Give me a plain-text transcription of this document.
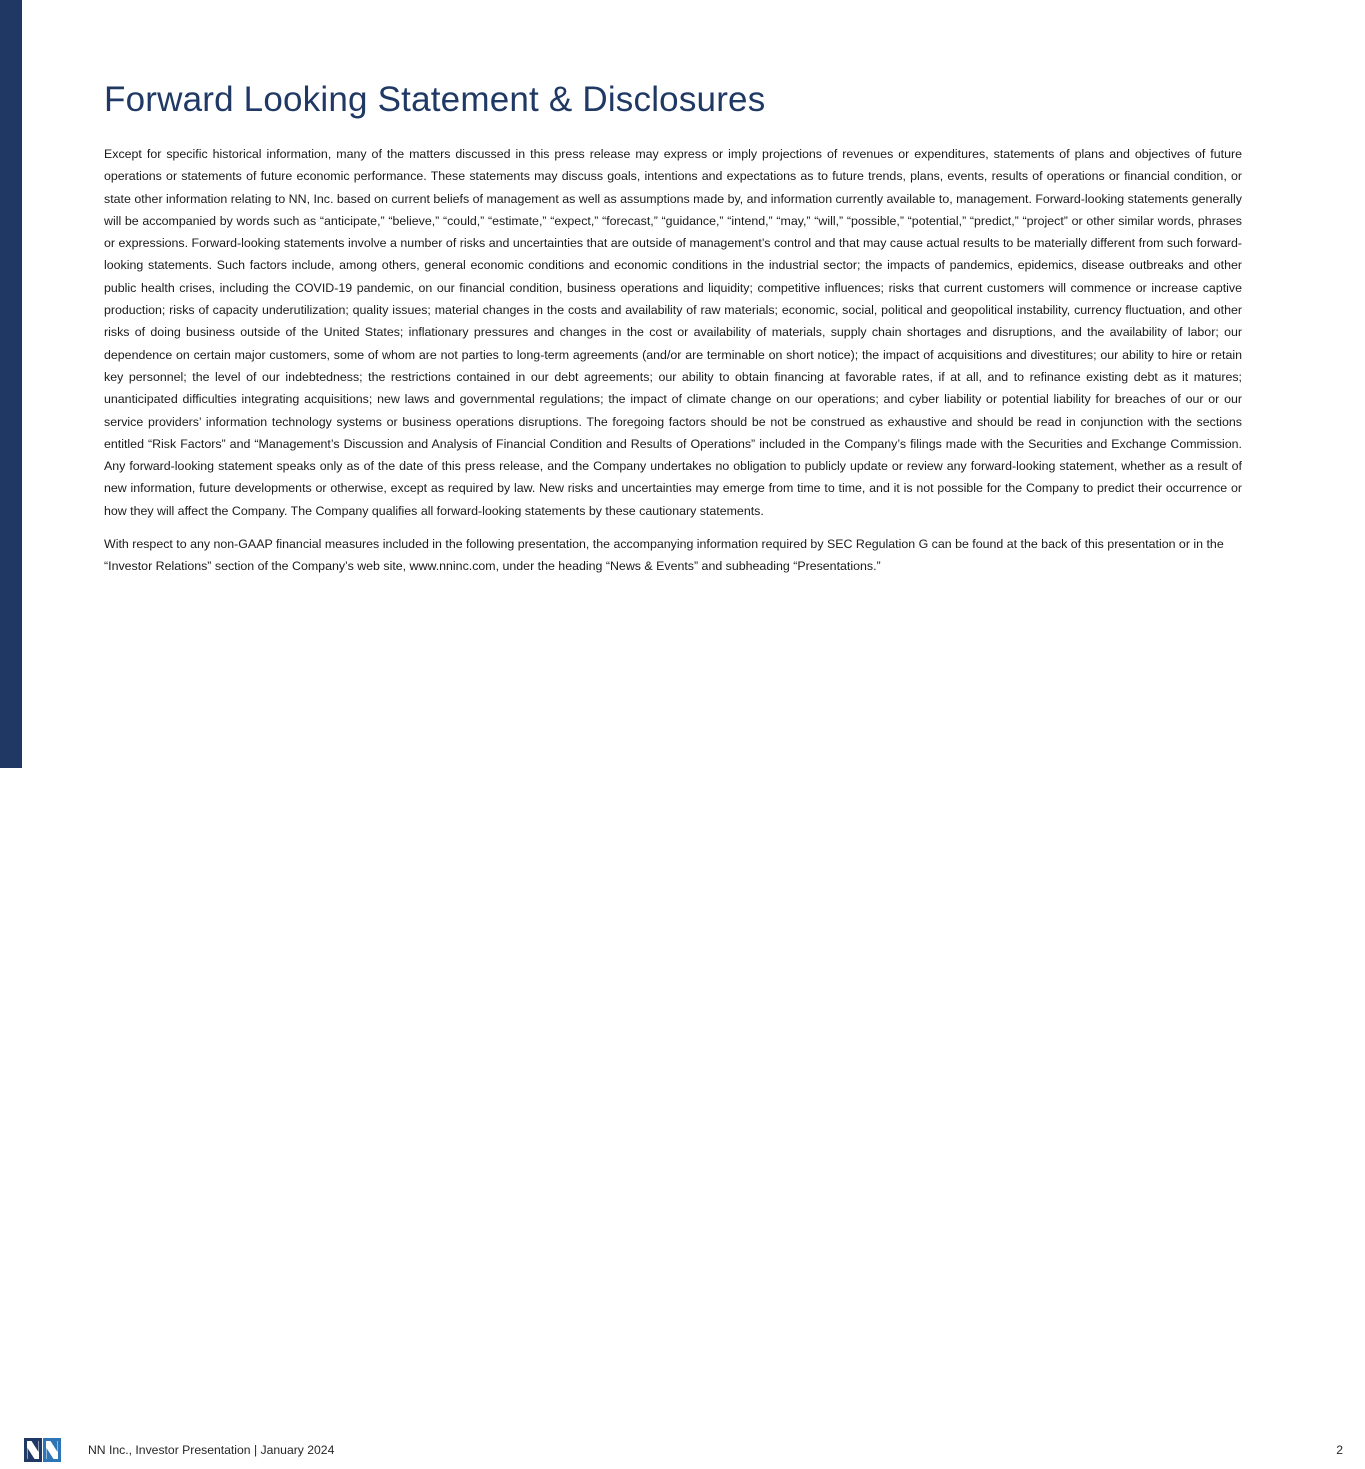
Forward Looking Statement & Disclosures

Except for specific historical information, many of the matters discussed in this press release may express or imply projections of revenues or expenditures, statements of plans and objectives of future operations or statements of future economic performance. These statements may discuss goals, intentions and expectations as to future trends, plans, events, results of operations or financial condition, or state other information relating to NN, Inc. based on current beliefs of management as well as assumptions made by, and information currently available to, management. Forward-looking statements generally will be accompanied by words such as “anticipate,” “believe,” “could,” “estimate,” “expect,” “forecast,” “guidance,” “intend,” “may,” “will,” “possible,” “potential,” “predict,” “project” or other similar words, phrases or expressions. Forward-looking statements involve a number of risks and uncertainties that are outside of management’s control and that may cause actual results to be materially different from such forward-looking statements. Such factors include, among others, general economic conditions and economic conditions in the industrial sector; the impacts of pandemics, epidemics, disease outbreaks and other public health crises, including the COVID-19 pandemic, on our financial condition, business operations and liquidity; competitive influences; risks that current customers will commence or increase captive production; risks of capacity underutilization; quality issues; material changes in the costs and availability of raw materials; economic, social, political and geopolitical instability, currency fluctuation, and other risks of doing business outside of the United States; inflationary pressures and changes in the cost or availability of materials, supply chain shortages and disruptions, and the availability of labor; our dependence on certain major customers, some of whom are not parties to long-term agreements (and/or are terminable on short notice); the impact of acquisitions and divestitures; our ability to hire or retain key personnel; the level of our indebtedness; the restrictions contained in our debt agreements; our ability to obtain financing at favorable rates, if at all, and to refinance existing debt as it matures; unanticipated difficulties integrating acquisitions; new laws and governmental regulations; the impact of climate change on our operations; and cyber liability or potential liability for breaches of our or our service providers’ information technology systems or business operations disruptions. The foregoing factors should be not be construed as exhaustive and should be read in conjunction with the sections entitled “Risk Factors” and “Management’s Discussion and Analysis of Financial Condition and Results of Operations” included in the Company’s filings made with the Securities and Exchange Commission. Any forward-looking statement speaks only as of the date of this press release, and the Company undertakes no obligation to publicly update or review any forward-looking statement, whether as a result of new information, future developments or otherwise, except as required by law. New risks and uncertainties may emerge from time to time, and it is not possible for the Company to predict their occurrence or how they will affect the Company. The Company qualifies all forward-looking statements by these cautionary statements.

With respect to any non-GAAP financial measures included in the following presentation, the accompanying information required by SEC Regulation G can be found at the back of this presentation or in the “Investor Relations” section of the Company’s web site, www.nninc.com, under the heading “News & Events” and subheading “Presentations.”

NN Inc., Investor Presentation | January 2024	2
